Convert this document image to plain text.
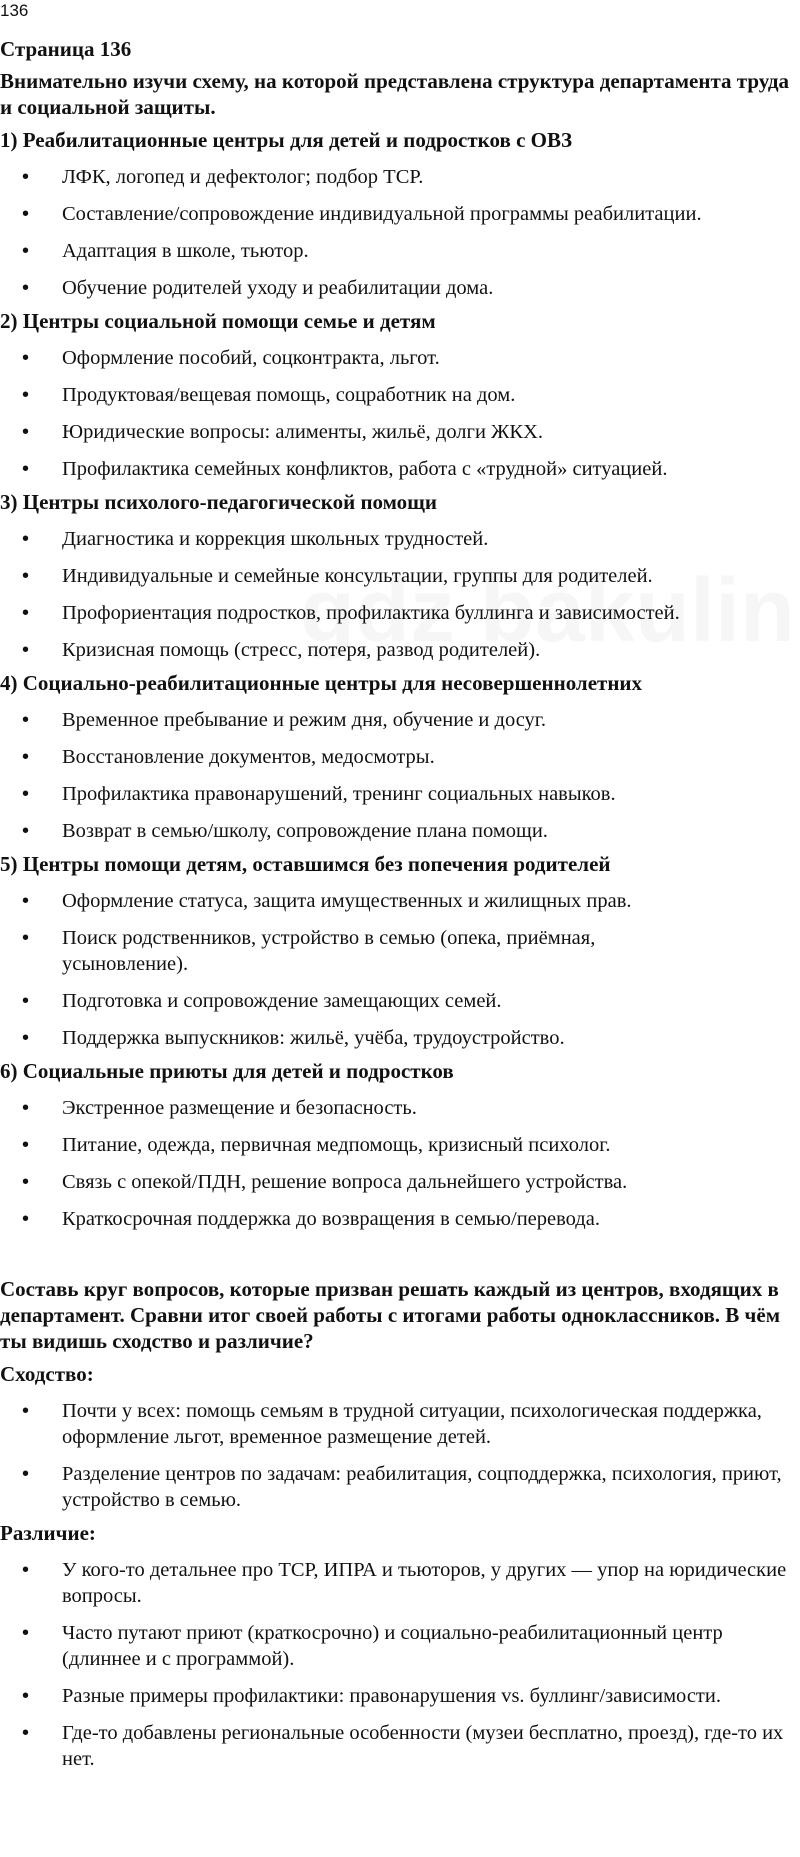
136
Страница 136
Внимательно изучи схему, на которой представлена структура департамента труда и социальной защиты.
1) Реабилитационные центры для детей и подростков с ОВЗ
• ЛФК, логопед и дефектолог; подбор ТСР.
• Составление/сопровождение индивидуальной программы реабилитации.
• Адаптация в школе, тьютор.
• Обучение родителей уходу и реабилитации дома.
2) Центры социальной помощи семье и детям
• Оформление пособий, соцконтракта, льгот.
• Продуктовая/вещевая помощь, соцработник на дом.
• Юридические вопросы: алименты, жильё, долги ЖКХ.
• Профилактика семейных конфликтов, работа с «трудной» ситуацией.
3) Центры психолого-педагогической помощи
• Диагностика и коррекция школьных трудностей.
• Индивидуальные и семейные консультации, группы для родителей.
• Профориентация подростков, профилактика буллинга и зависимостей.
• Кризисная помощь (стресс, потеря, развод родителей).
4) Социально-реабилитационные центры для несовершеннолетних
• Временное пребывание и режим дня, обучение и досуг.
• Восстановление документов, медосмотры.
• Профилактика правонарушений, тренинг социальных навыков.
• Возврат в семью/школу, сопровождение плана помощи.
5) Центры помощи детям, оставшимся без попечения родителей
• Оформление статуса, защита имущественных и жилищных прав.
• Поиск родственников, устройство в семью (опека, приёмная, усыновление).
• Подготовка и сопровождение замещающих семей.
• Поддержка выпускников: жильё, учёба, трудоустройство.
6) Социальные приюты для детей и подростков
• Экстренное размещение и безопасность.
• Питание, одежда, первичная медпомощь, кризисный психолог.
• Связь с опекой/ПДН, решение вопроса дальнейшего устройства.
• Краткосрочная поддержка до возвращения в семью/перевода.
Составь круг вопросов, которые призван решать каждый из центров, входящих в департамент. Сравни итог своей работы с итогами работы одноклассников. В чём ты видишь сходство и различие?
Сходство:
• Почти у всех: помощь семьям в трудной ситуации, психологическая поддержка, оформление льгот, временное размещение детей.
• Разделение центров по задачам: реабилитация, соцподдержка, психология, приют, устройство в семью.
Различие:
• У кого-то детальнее про ТСР, ИПРА и тьюторов, у других — упор на юридические вопросы.
• Часто путают приют (краткосрочно) и социально-реабилитационный центр (длиннее и с программой).
• Разные примеры профилактики: правонарушения vs. буллинг/зависимости.
• Где-то добавлены региональные особенности (музеи бесплатно, проезд), где-то их нет.
